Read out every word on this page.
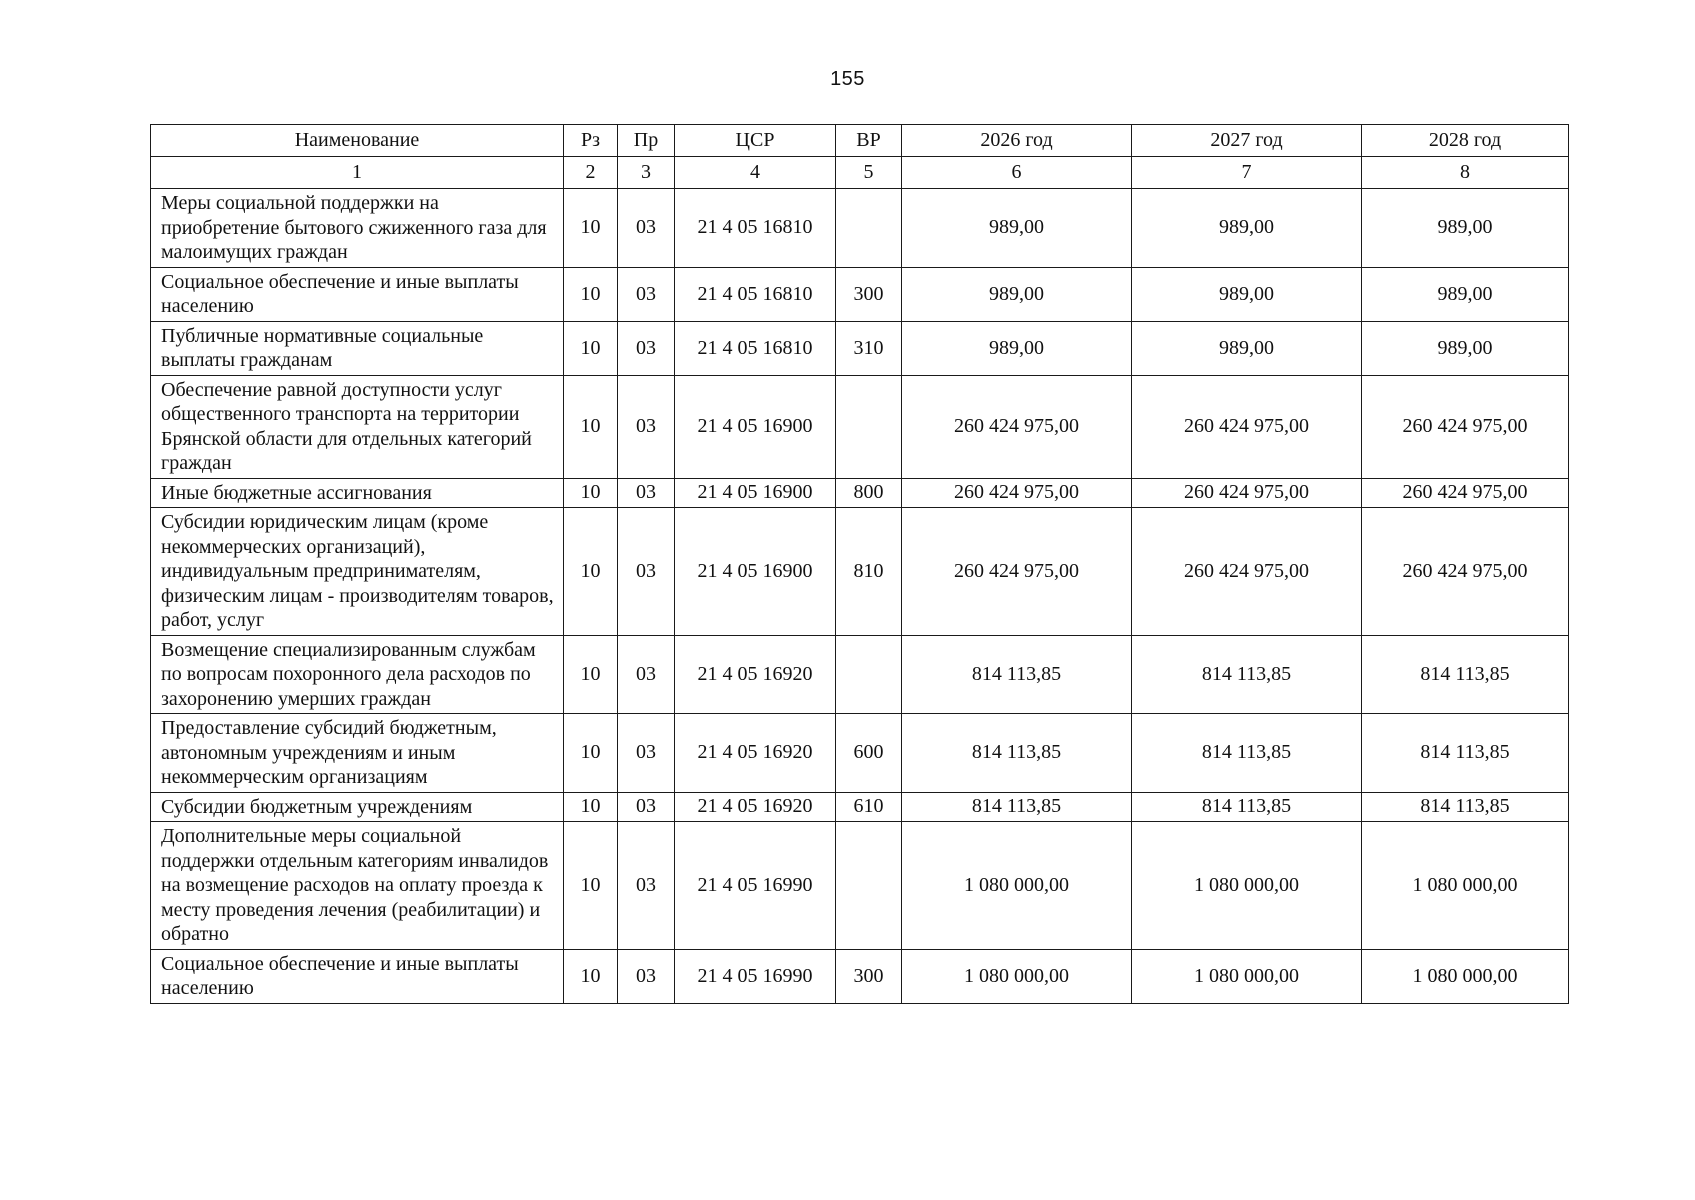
155
Наименование	Рз	Пр	ЦСР	ВР	2026 год	2027 год	2028 год
1	2	3	4	5	6	7	8
Меры социальной поддержки на приобретение бытового сжиженного газа для малоимущих граждан	10	03	21 4 05 16810		989,00	989,00	989,00
Социальное обеспечение и иные выплаты населению	10	03	21 4 05 16810	300	989,00	989,00	989,00
Публичные нормативные социальные выплаты гражданам	10	03	21 4 05 16810	310	989,00	989,00	989,00
Обеспечение равной доступности услуг общественного транспорта на территории Брянской области для отдельных категорий граждан	10	03	21 4 05 16900		260 424 975,00	260 424 975,00	260 424 975,00
Иные бюджетные ассигнования	10	03	21 4 05 16900	800	260 424 975,00	260 424 975,00	260 424 975,00
Субсидии юридическим лицам (кроме некоммерческих организаций), индивидуальным предпринимателям, физическим лицам - производителям товаров, работ, услуг	10	03	21 4 05 16900	810	260 424 975,00	260 424 975,00	260 424 975,00
Возмещение специализированным службам по вопросам похоронного дела расходов по захоронению умерших граждан	10	03	21 4 05 16920		814 113,85	814 113,85	814 113,85
Предоставление субсидий бюджетным, автономным учреждениям и иным некоммерческим организациям	10	03	21 4 05 16920	600	814 113,85	814 113,85	814 113,85
Субсидии бюджетным учреждениям	10	03	21 4 05 16920	610	814 113,85	814 113,85	814 113,85
Дополнительные меры социальной поддержки отдельным категориям инвалидов на возмещение расходов на оплату проезда к месту проведения лечения (реабилитации) и обратно	10	03	21 4 05 16990		1 080 000,00	1 080 000,00	1 080 000,00
Социальное обеспечение и иные выплаты населению	10	03	21 4 05 16990	300	1 080 000,00	1 080 000,00	1 080 000,00
